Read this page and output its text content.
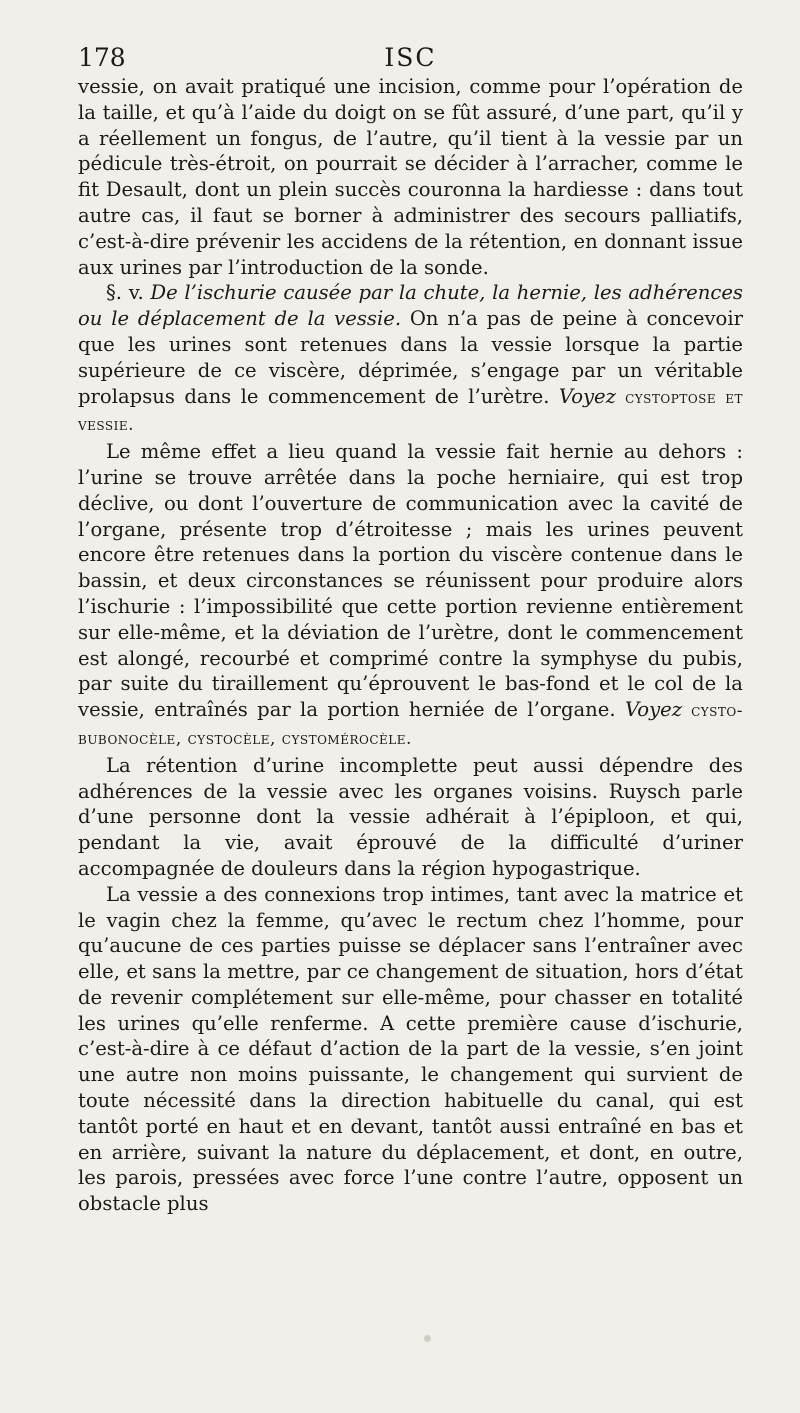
178	ISC

vessie, on avait pratiqué une incision, comme pour l’opération de la taille, et qu’à l’aide du doigt on se fût assuré, d’une part, qu’il y a réellement un fongus, de l’autre, qu’il tient à la vessie par un pédicule très-étroit, on pourrait se décider à l’arracher, comme le fit Desault, dont un plein succès couronna la hardiesse : dans tout autre cas, il faut se borner à administrer des secours palliatifs, c’est-à-dire prévenir les accidens de la rétention, en donnant issue aux urines par l’introduction de la sonde.

§. v. De l’ischurie causée par la chute, la hernie, les adhérences ou le déplacement de la vessie. On n’a pas de peine à concevoir que les urines sont retenues dans la vessie lorsque la partie supérieure de ce viscère, déprimée, s’engage par un véritable prolapsus dans le commencement de l’urètre. Voyez cystoptose et vessie.

Le même effet a lieu quand la vessie fait hernie au dehors : l’urine se trouve arrêtée dans la poche herniaire, qui est trop déclive, ou dont l’ouverture de communication avec la cavité de l’organe, présente trop d’étroitesse ; mais les urines peuvent encore être retenues dans la portion du viscère contenue dans le bassin, et deux circonstances se réunissent pour produire alors l’ischurie : l’impossibilité que cette portion revienne entièrement sur elle-même, et la déviation de l’urètre, dont le commencement est alongé, recourbé et comprimé contre la symphyse du pubis, par suite du tiraillement qu’éprouvent le bas-fond et le col de la vessie, entraînés par la portion herniée de l’organe. Voyez cysto-bubonocèle, cystocèle, cystomérocèle.

La rétention d’urine incomplette peut aussi dépendre des adhérences de la vessie avec les organes voisins. Ruysch parle d’une personne dont la vessie adhérait à l’épiploon, et qui, pendant la vie, avait éprouvé de la difficulté d’uriner accompagnée de douleurs dans la région hypogastrique.

La vessie a des connexions trop intimes, tant avec la matrice et le vagin chez la femme, qu’avec le rectum chez l’homme, pour qu’aucune de ces parties puisse se déplacer sans l’entraîner avec elle, et sans la mettre, par ce changement de situation, hors d’état de revenir complétement sur elle-même, pour chasser en totalité les urines qu’elle renferme. A cette première cause d’ischurie, c’est-à-dire à ce défaut d’action de la part de la vessie, s’en joint une autre non moins puissante, le changement qui survient de toute nécessité dans la direction habituelle du canal, qui est tantôt porté en haut et en devant, tantôt aussi entraîné en bas et en arrière, suivant la nature du déplacement, et dont, en outre, les parois, pressées avec force l’une contre l’autre, opposent un obstacle plus
